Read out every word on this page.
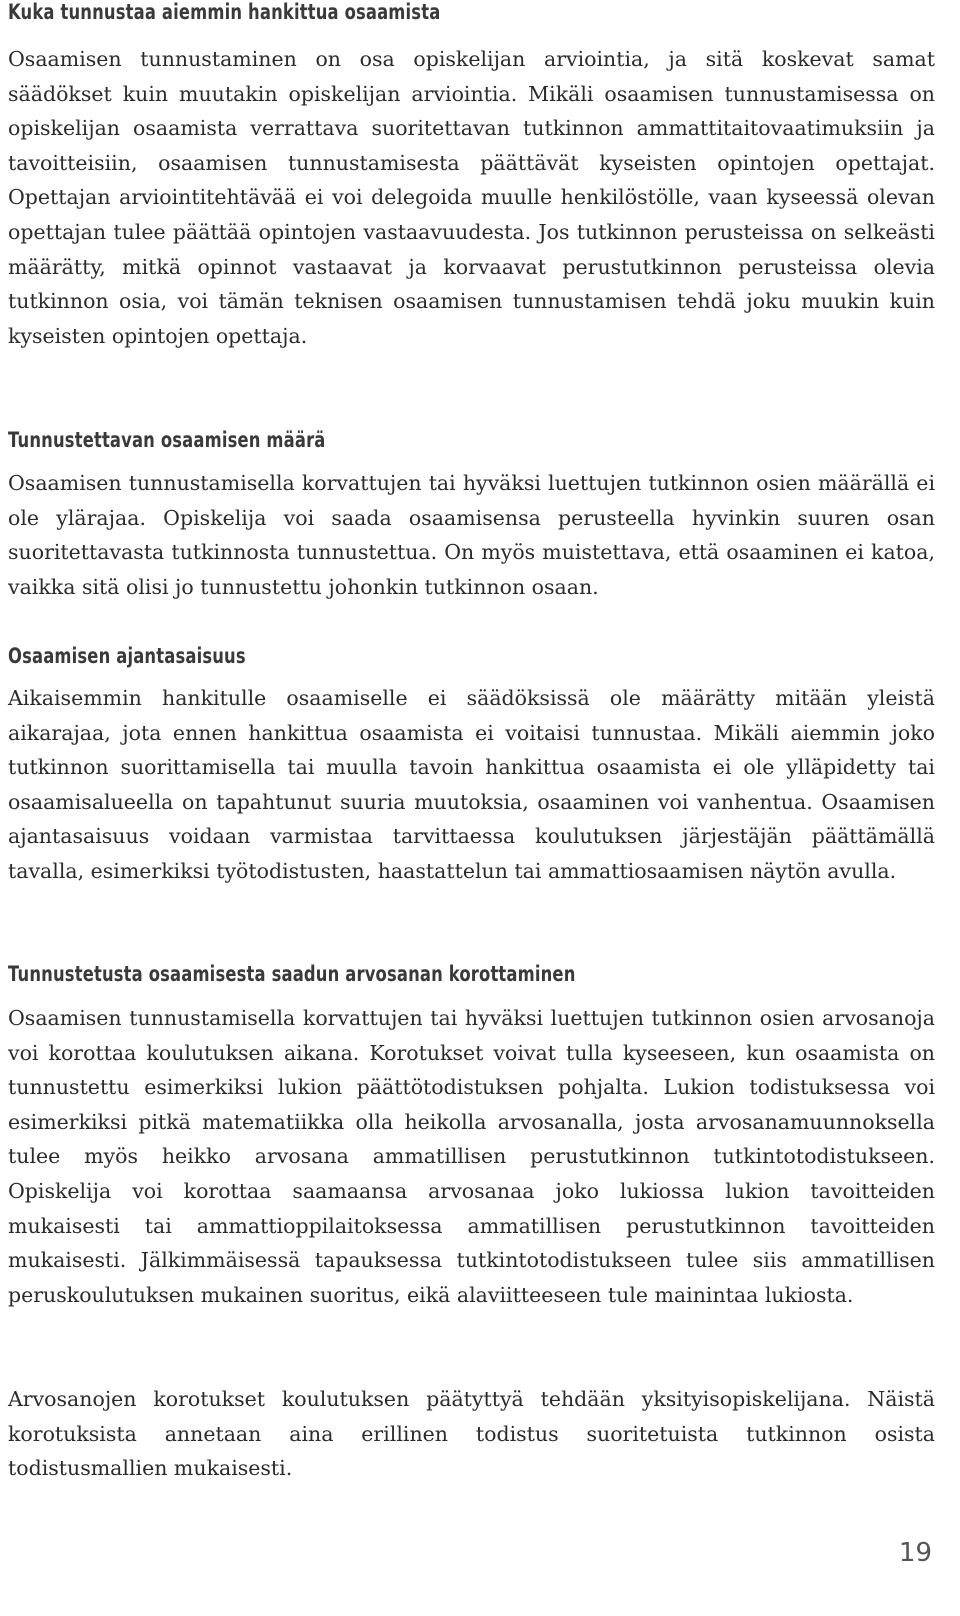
Kuka tunnustaa aiemmin hankittua osaamista

Osaamisen tunnustaminen on osa opiskelijan arviointia, ja sitä koskevat samat säädökset kuin muutakin opiskelijan arviointia. Mikäli osaamisen tunnustamisessa on opiskelijan osaamista verrattava suoritettavan tutkinnon ammattitaitovaatimuksiin ja tavoitteisiin, osaamisen tunnustamisesta päättävät kyseisten opintojen opettajat. Opettajan arviointitehtävää ei voi delegoida muulle henkilöstölle, vaan kyseessä olevan opettajan tulee päättää opintojen vastaavuudesta. Jos tutkinnon perusteissa on selkeästi määrätty, mitkä opinnot vastaavat ja korvaavat perustutkinnon perusteissa olevia tutkinnon osia, voi tämän teknisen osaamisen tunnustamisen tehdä joku muukin kuin kyseisten opintojen opettaja.

Tunnustettavan osaamisen määrä

Osaamisen tunnustamisella korvattujen tai hyväksi luettujen tutkinnon osien määrällä ei ole ylärajaa. Opiskelija voi saada osaamisensa perusteella hyvinkin suuren osan suoritettavasta tutkinnosta tunnustettua. On myös muistettava, että osaaminen ei katoa, vaikka sitä olisi jo tunnustettu johonkin tutkinnon osaan.

Osaamisen ajantasaisuus

Aikaisemmin hankitulle osaamiselle ei säädöksissä ole määrätty mitään yleistä aikarajaa, jota ennen hankittua osaamista ei voitaisi tunnustaa. Mikäli aiemmin joko tutkinnon suorittamisella tai muulla tavoin hankittua osaamista ei ole ylläpidetty tai osaamisalueella on tapahtunut suuria muutoksia, osaaminen voi vanhentua. Osaamisen ajantasaisuus voidaan varmistaa tarvittaessa koulutuksen järjestäjän päättämällä tavalla, esimerkiksi työtodistusten, haastattelun tai ammattiosaamisen näytön avulla.

Tunnustetusta osaamisesta saadun arvosanan korottaminen

Osaamisen tunnustamisella korvattujen tai hyväksi luettujen tutkinnon osien arvosanoja voi korottaa koulutuksen aikana. Korotukset voivat tulla kyseeseen, kun osaamista on tunnustettu esimerkiksi lukion päättötodistuksen pohjalta. Lukion todistuksessa voi esimerkiksi pitkä matematiikka olla heikolla arvosanalla, josta arvosanamuunnoksella tulee myös heikko arvosana ammatillisen perustutkinnon tutkintotodistukseen. Opiskelija voi korottaa saamaansa arvosanaa joko lukiossa lukion tavoitteiden mukaisesti tai ammattioppilaitoksessa ammatillisen perustutkinnon tavoitteiden mukaisesti. Jälkimmäisessä tapauksessa tutkintotodistukseen tulee siis ammatillisen peruskoulutuksen mukainen suoritus, eikä alaviitteeseen tule mainintaa lukiosta.

Arvosanojen korotukset koulutuksen päätyttyä tehdään yksityisopiskelijana. Näistä korotuksista annetaan aina erillinen todistus suoritetuista tutkinnon osista todistusmallien mukaisesti.

19
